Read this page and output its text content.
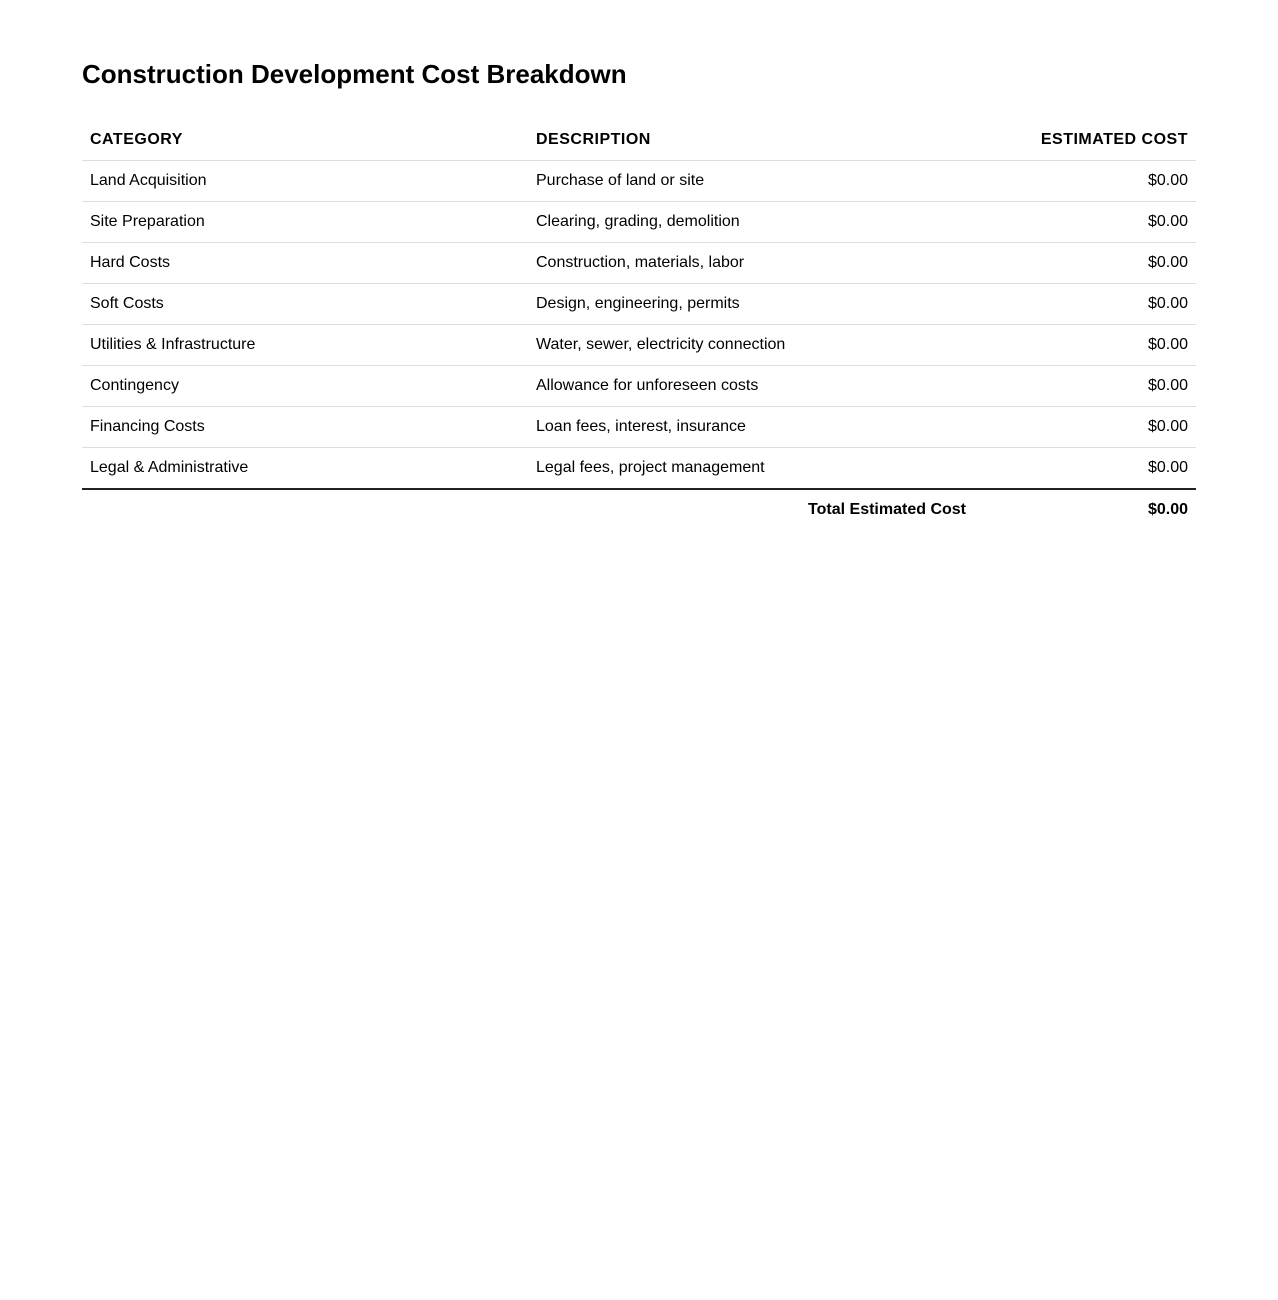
Construction Development Cost Breakdown
CATEGORY	DESCRIPTION	ESTIMATED COST
Land Acquisition	Purchase of land or site	$0.00
Site Preparation	Clearing, grading, demolition	$0.00
Hard Costs	Construction, materials, labor	$0.00
Soft Costs	Design, engineering, permits	$0.00
Utilities & Infrastructure	Water, sewer, electricity connection	$0.00
Contingency	Allowance for unforeseen costs	$0.00
Financing Costs	Loan fees, interest, insurance	$0.00
Legal & Administrative	Legal fees, project management	$0.00
Total Estimated Cost		$0.00
